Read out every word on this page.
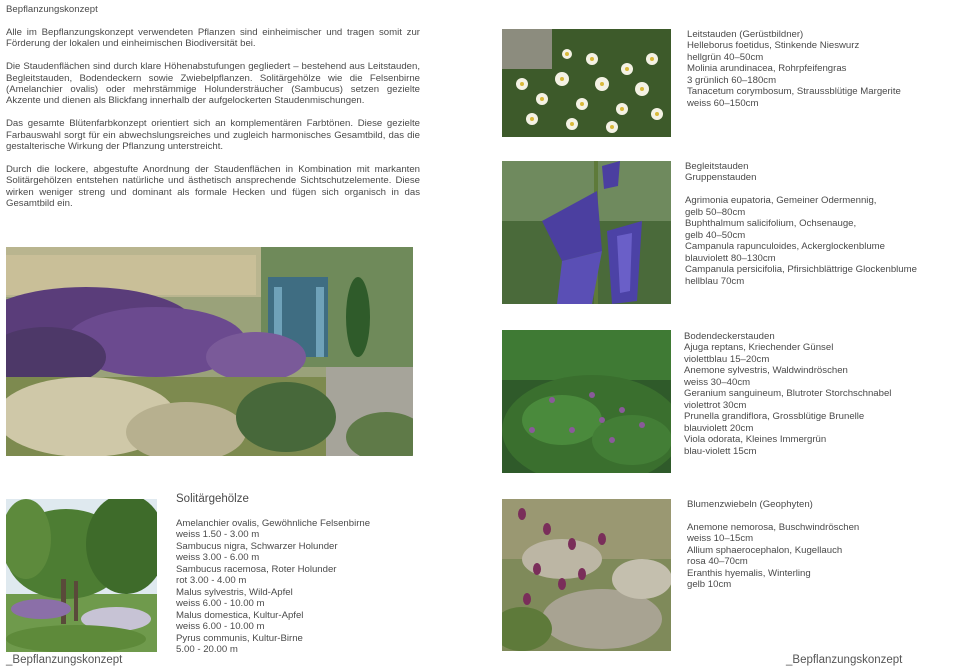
Bepflanzungskonzept

Alle im Bepflanzungskonzept verwendeten Pflanzen sind einheimischer und tragen somit zur Förderung der lokalen und einheimischen Biodiversität bei.

Die Staudenflächen sind durch klare Höhenabstufungen gegliedert – bestehend aus Leitstauden, Begleitstauden, Bodendeckern sowie Zwiebelpflanzen. Solitärgehölze wie die Felsenbirne (Amelanchier ovalis) oder mehrstämmige Holundersträucher (Sambucus) setzen gezielte Akzente und dienen als Blickfang innerhalb der aufgelockerten Staudenmischungen.

Das gesamte Blütenfarbkonzept orientiert sich an komplementären Farbtönen. Diese gezielte Farbauswahl sorgt für ein abwechslungsreiches und zugleich harmonisches Gesamtbild, das die gestalterische Wirkung der Pflanzung unterstreicht.

Durch die lockere, abgestufte Anordnung der Staudenflächen in Kombination mit markanten Solitärgehölzen entstehen natürliche und ästhetisch ansprechende Sichtschutzelemente. Diese wirken weniger streng und dominant als formale Hecken und fügen sich organisch in das Gesamtbild ein.

Solitärgehölze
Amelanchier ovalis, Gewöhnliche Felsenbirne
weiss 1.50 - 3.00 m
Sambucus nigra, Schwarzer Holunder
weiss 3.00 - 6.00 m
Sambucus racemosa, Roter Holunder
rot 3.00 - 4.00 m
Malus sylvestris, Wild-Apfel
weiss 6.00 - 10.00 m
Malus domestica, Kultur-Apfel
weiss 6.00 - 10.00 m
Pyrus communis, Kultur-Birne
5.00 - 20.00 m
_Bepflanzungskonzept
Leitstauden (Gerüstbildner)
Helleborus foetidus, Stinkende Nieswurz
hellgrün 40–50cm
Molinia arundinacea, Rohrpfeifengras
3 grünlich 60–180cm
Tanacetum corymbosum, Straussblütige Margerite
weiss 60–150cm
Begleitstauden
Gruppenstauden
Agrimonia eupatoria, Gemeiner Odermennig,
gelb 50–80cm
Buphthalmum salicifolium, Ochsenauge,
gelb 40–50cm
Campanula rapunculoides, Ackerglockenblume
blauviolett 80–130cm
Campanula persicifolia, Pfirsichblättrige Glockenblume
hellblau 70cm
Bodendeckerstauden
Ajuga reptans, Kriechender Günsel
violettblau 15–20cm
Anemone sylvestris, Waldwindröschen
weiss 30–40cm
Geranium sanguineum, Blutroter Storchschnabel
violettrot 30cm
Prunella grandiflora, Grossblütige Brunelle
blauviolett 20cm
Viola odorata, Kleines Immergrün
blau-violett 15cm
Blumenzwiebeln (Geophyten)
Anemone nemorosa, Buschwindröschen
weiss 10–15cm
Allium sphaerocephalon, Kugellauch
rosa 40–70cm
Eranthis hyemalis, Winterling
gelb 10cm
_Bepflanzungskonzept
